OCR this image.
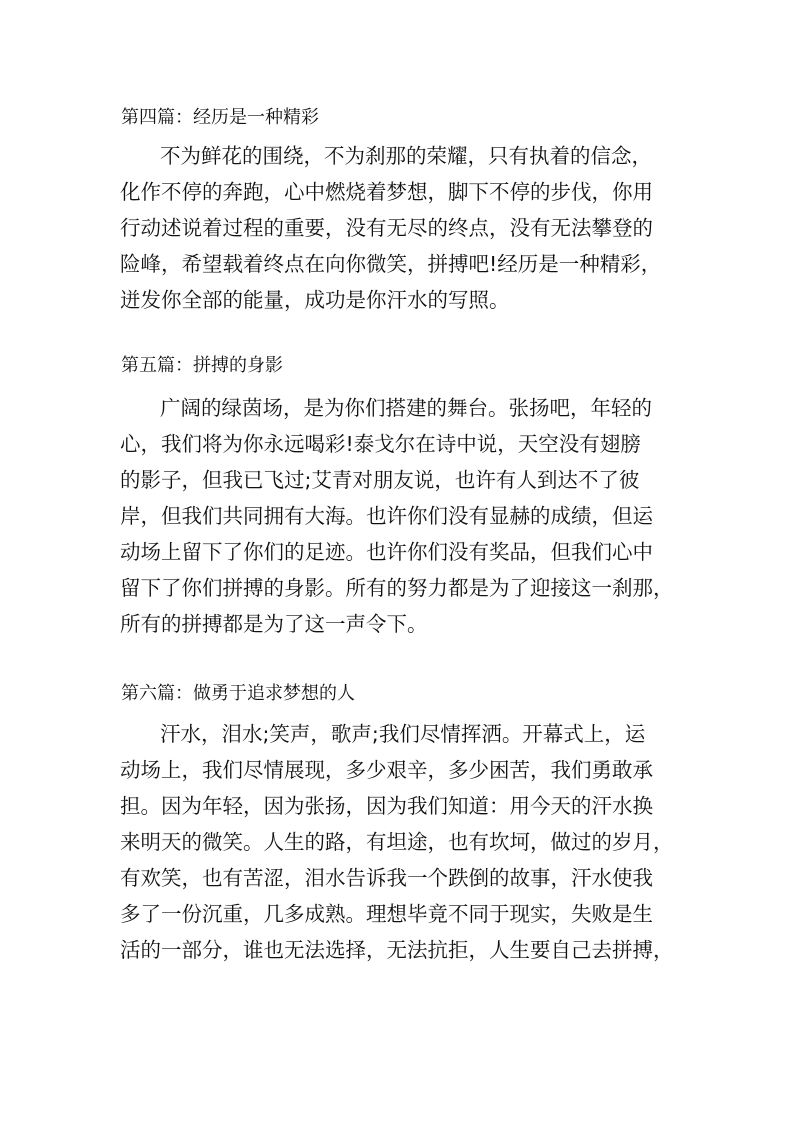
第四篇：经历是一种精彩
不为鲜花的围绕，不为刹那的荣耀，只有执着的信念，
化作不停的奔跑，心中燃烧着梦想，脚下不停的步伐，你用
行动述说着过程的重要，没有无尽的终点，没有无法攀登的
险峰，希望载着终点在向你微笑，拼搏吧!经历是一种精彩，
迸发你全部的能量，成功是你汗水的写照。
第五篇：拼搏的身影
广阔的绿茵场，是为你们搭建的舞台。张扬吧，年轻的
心，我们将为你永远喝彩!泰戈尔在诗中说，天空没有翅膀
的影子，但我已飞过;艾青对朋友说，也许有人到达不了彼
岸，但我们共同拥有大海。也许你们没有显赫的成绩，但运
动场上留下了你们的足迹。也许你们没有奖品，但我们心中
留下了你们拼搏的身影。所有的努力都是为了迎接这一刹那，
所有的拼搏都是为了这一声令下。
第六篇：做勇于追求梦想的人
汗水，泪水;笑声，歌声;我们尽情挥洒。开幕式上，运
动场上，我们尽情展现，多少艰辛，多少困苦，我们勇敢承
担。因为年轻，因为张扬，因为我们知道：用今天的汗水换
来明天的微笑。人生的路，有坦途，也有坎坷，做过的岁月，
有欢笑，也有苦涩，泪水告诉我一个跌倒的故事，汗水使我
多了一份沉重，几多成熟。理想毕竟不同于现实，失败是生
活的一部分，谁也无法选择，无法抗拒，人生要自己去拼搏，
